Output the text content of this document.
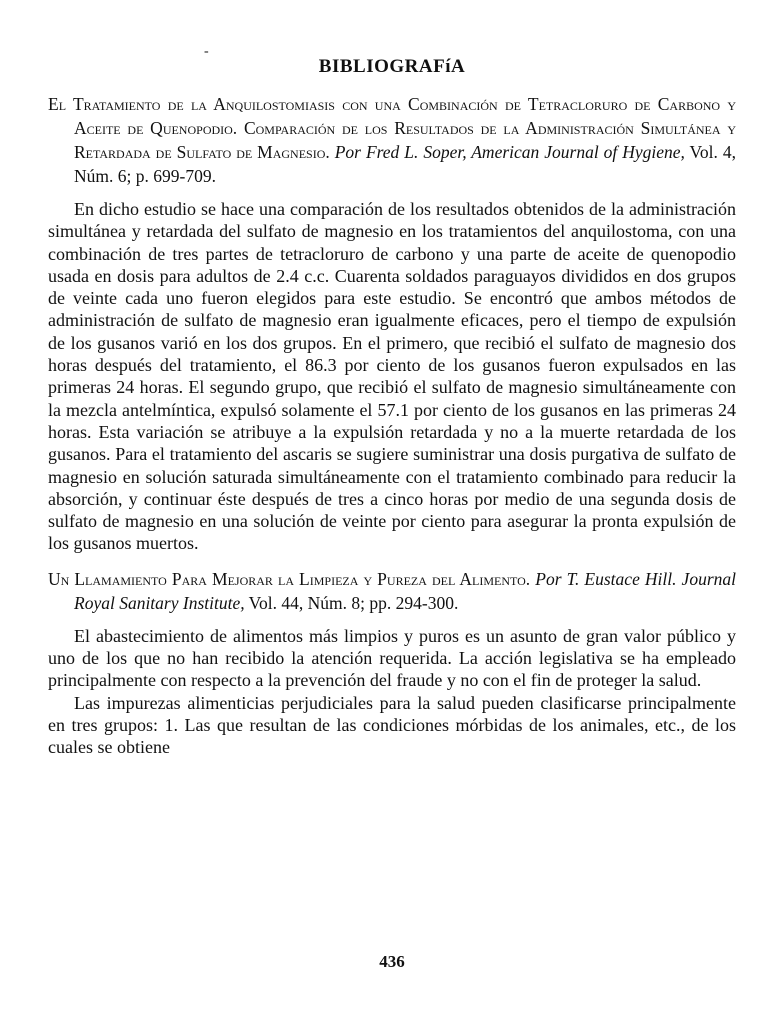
-
BIBLIOGRAFíA
El Tratamiento de la Anquilostomiasis con una Combinación de Tetracloruro de Carbono y Aceite de Quenopodio. Comparación de los Resultados de la Administración Simultánea y Retardada de Sulfato de Magnesio. Por Fred L. Soper, American Journal of Hygiene, Vol. 4, Núm. 6; p. 699-709.

En dicho estudio se hace una comparación de los resultados obtenidos de la administración simultánea y retardada del sulfato de magnesio en los tratamientos del anquilostoma, con una combinación de tres partes de tetracloruro de carbono y una parte de aceite de quenopodio usada en dosis para adultos de 2.4 c.c. Cuarenta soldados paraguayos divididos en dos grupos de veinte cada uno fueron elegidos para este estudio. Se encontró que ambos métodos de administración de sulfato de magnesio eran igualmente eficaces, pero el tiempo de expulsión de los gusanos varió en los dos grupos. En el primero, que recibió el sulfato de magnesio dos horas después del tratamiento, el 86.3 por ciento de los gusanos fueron expulsados en las primeras 24 horas. El segundo grupo, que recibió el sulfato de magnesio simultáneamente con la mezcla antelmíntica, expulsó solamente el 57.1 por ciento de los gusanos en las primeras 24 horas. Esta variación se atribuye a la expulsión retardada y no a la muerte retardada de los gusanos. Para el tratamiento del ascaris se sugiere suministrar una dosis purgativa de sulfato de magnesio en solución saturada simultáneamente con el tratamiento combinado para reducir la absorción, y continuar éste después de tres a cinco horas por medio de una segunda dosis de sulfato de magnesio en una solución de veinte por ciento para asegurar la pronta expulsión de los gusanos muertos.

Un Llamamiento Para Mejorar la Limpieza y Pureza del Alimento. Por T. Eustace Hill. Journal Royal Sanitary Institute, Vol. 44, Núm. 8; pp. 294-300.

El abastecimiento de alimentos más limpios y puros es un asunto de gran valor público y uno de los que no han recibido la atención requerida. La acción legislativa se ha empleado principalmente con respecto a la prevención del fraude y no con el fin de proteger la salud.

Las impurezas alimenticias perjudiciales para la salud pueden clasificarse principalmente en tres grupos: 1. Las que resultan de las condiciones mórbidas de los animales, etc., de los cuales se obtiene

436
